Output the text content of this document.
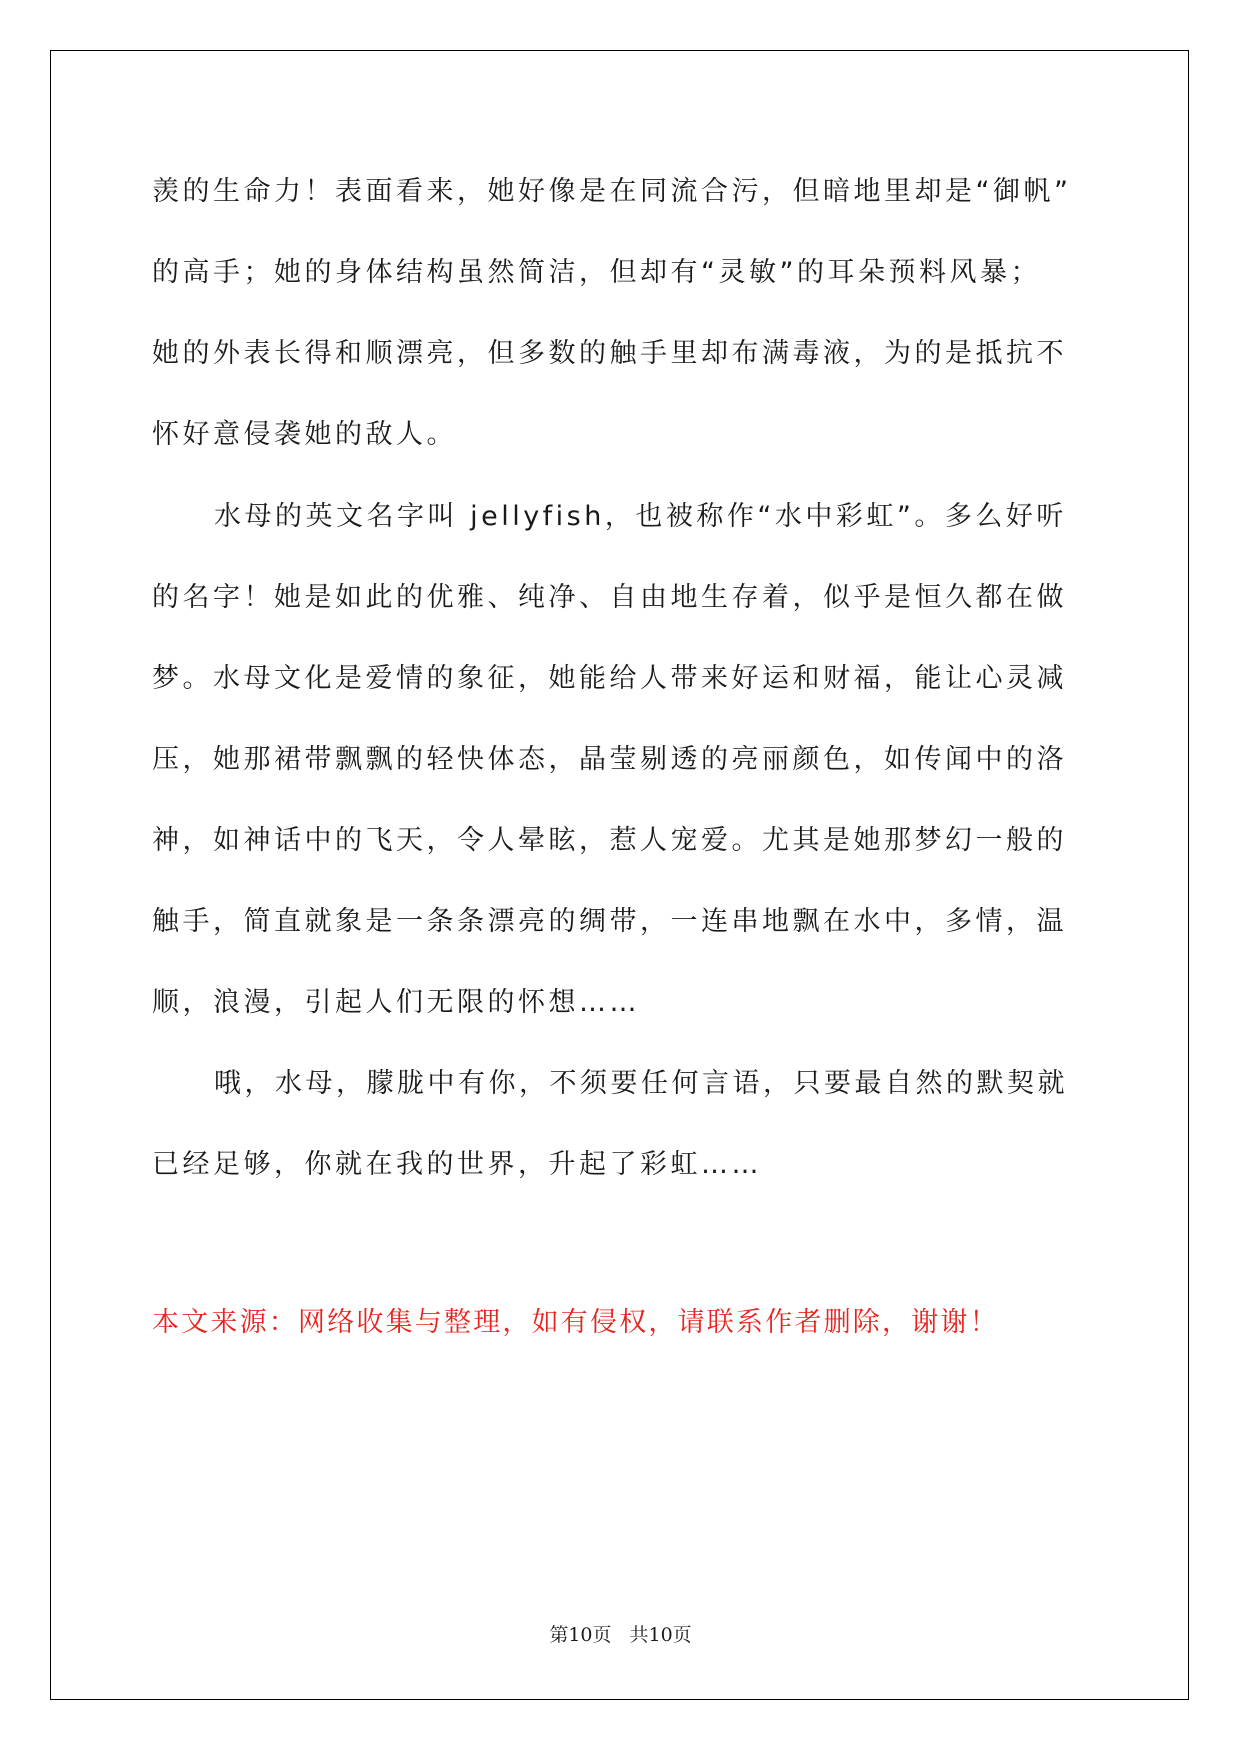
羡的生命力！表面看来，她好像是在同流合污，但暗地里却是“御帆”
的高手；她的身体结构虽然简洁，但却有“灵敏”的耳朵预料风暴；
她的外表长得和顺漂亮，但多数的触手里却布满毒液，为的是抵抗不
怀好意侵袭她的敌人。
水母的英文名字叫 jellyfish，也被称作“水中彩虹”。多么好听
的名字！她是如此的优雅、纯净、自由地生存着，似乎是恒久都在做
梦。水母文化是爱情的象征，她能给人带来好运和财福，能让心灵减
压，她那裙带飘飘的轻快体态，晶莹剔透的亮丽颜色，如传闻中的洛
神，如神话中的飞天，令人晕眩，惹人宠爱。尤其是她那梦幻一般的
触手，简直就象是一条条漂亮的绸带，一连串地飘在水中，多情，温
顺，浪漫，引起人们无限的怀想……
哦，水母，朦胧中有你，不须要任何言语，只要最自然的默契就
已经足够，你就在我的世界，升起了彩虹……
本文来源：网络收集与整理，如有侵权，请联系作者删除，谢谢！
第10页 共10页
